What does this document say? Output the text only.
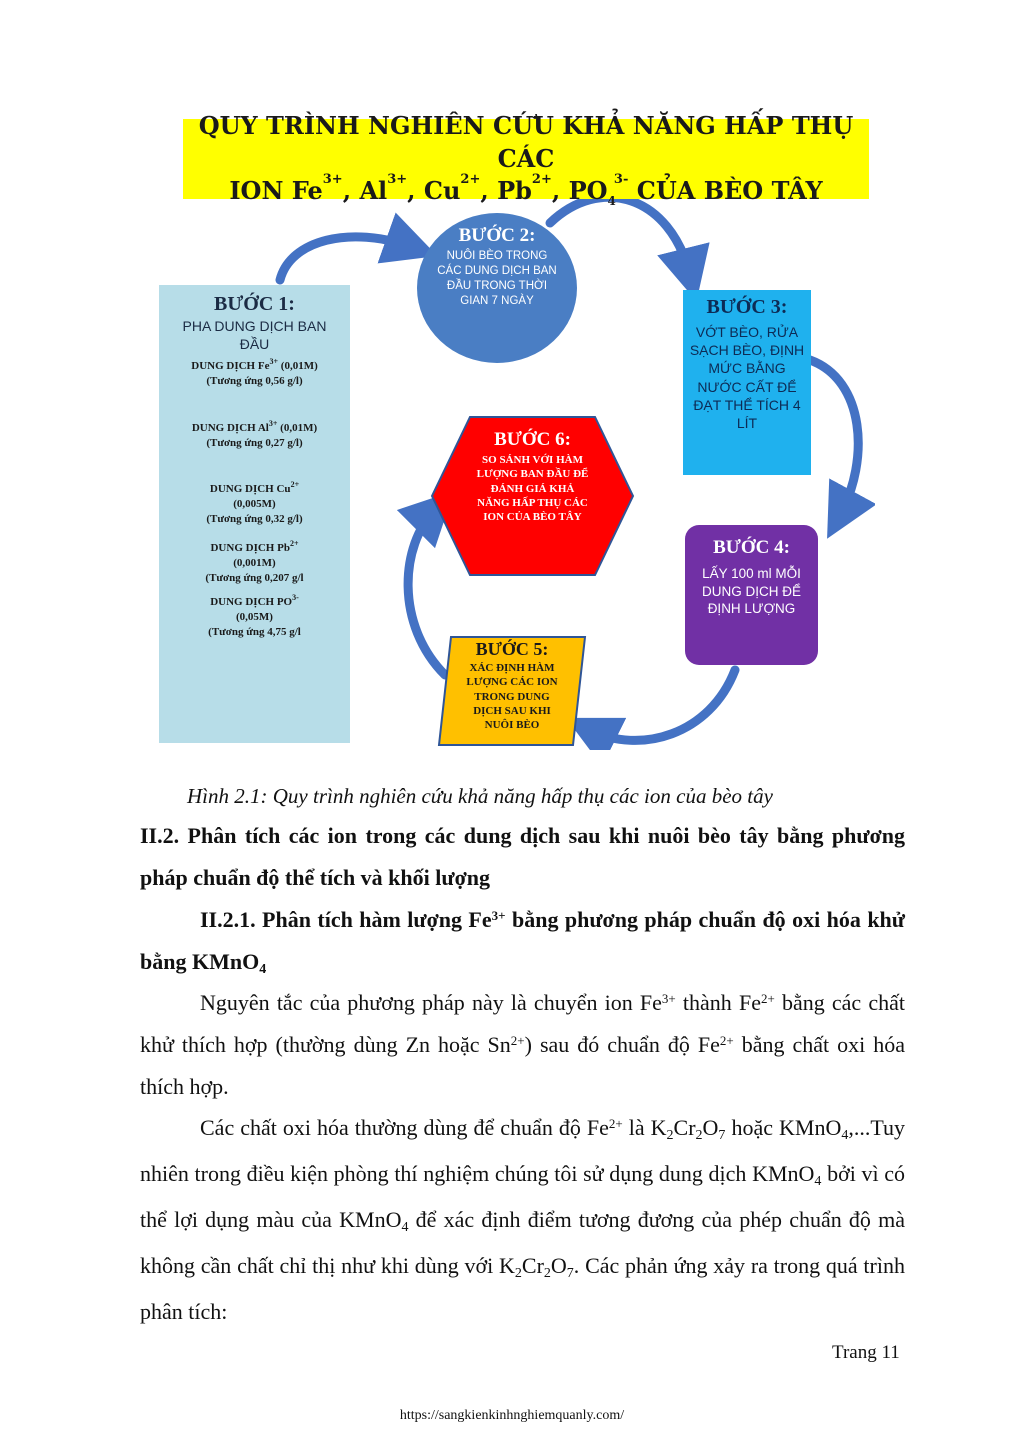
QUY TRÌNH NGHIÊN CỨU KHẢ NĂNG HẤP THỤ CÁC
ION $Fe^{3+}$, $Al^{3+}$, $Cu^{2+}$, $Pb^{2+}$, $PO_4^{3-}$ CỦA BÈO TÂY
BƯỚC 1:
PHA DUNG DỊCH BAN ĐẦU
DUNG DỊCH $Fe^{3+}$ (0,01M)
(Tương ứng 0,56 g/l)
DUNG DỊCH $Al^{3+}$ (0,01M)
(Tương ứng 0,27 g/l)
DUNG DỊCH $Cu^{2+}$
(0,005M)
(Tương ứng 0,32 g/l)
DUNG DỊCH $Pb^{2+}$
(0,001M)
(Tương ứng 0,207 g/l
DUNG DỊCH $PO^{3-}$
(0,05M)
(Tương ứng 4,75 g/l
BƯỚC 2:
NUÔI BÈO TRONG CÁC DUNG DỊCH BAN ĐẦU TRONG THỜI GIAN 7 NGÀY	BƯỚC 3:
VỚT BÈO, RỬA SẠCH BÈO, ĐỊNH MỨC BẰNG NƯỚC CẤT ĐỂ ĐẠT THỂ TÍCH 4 LÍT
BƯỚC 4:
LẤY 100 ml MỖI DUNG DỊCH ĐỂ ĐỊNH LƯỢNG
BƯỚC 6:
SO SÁNH VỚI HÀM LƯỢNG BAN ĐẦU ĐỂ ĐÁNH GIÁ KHẢ NĂNG HẤP THỤ CÁC ION CỦA BÈO TÂY
BƯỚC 5:
XÁC ĐỊNH HÀM LƯỢNG CÁC ION TRONG DUNG DỊCH SAU KHI NUÔI BÈO
Hình 2.1: Quy trình nghiên cứu khả năng hấp thụ các ion của bèo tây
II.2. Phân tích các ion trong các dung dịch sau khi nuôi bèo tây bằng phương pháp chuẩn độ thể tích và khối lượng
II.2.1. Phân tích hàm lượng $Fe^{3+}$ bằng phương pháp chuẩn độ oxi hóa khử bằng KMnO$_4$
Nguyên tắc của phương pháp này là chuyển ion $Fe^{3+}$ thành $Fe^{2+}$ bằng các chất khử thích hợp (thường dùng Zn hoặc $Sn^{2+}$) sau đó chuẩn độ $Fe^{2+}$ bằng chất oxi hóa thích hợp.
Các chất oxi hóa thường dùng để chuẩn độ $Fe^{2+}$ là $K_2Cr_2O_7$ hoặc KMnO$_4$,...Tuy nhiên trong điều kiện phòng thí nghiệm chúng tôi sử dụng dung dịch KMnO$_4$ bởi vì có thể lợi dụng màu của KMnO$_4$ để xác định điểm tương đương của phép chuẩn độ mà không cần chất chỉ thị như khi dùng với $K_2Cr_2O_7$. Các phản ứng xảy ra trong quá trình phân tích:
Trang 11
https://sangkienkinhnghiemquanly.com/
